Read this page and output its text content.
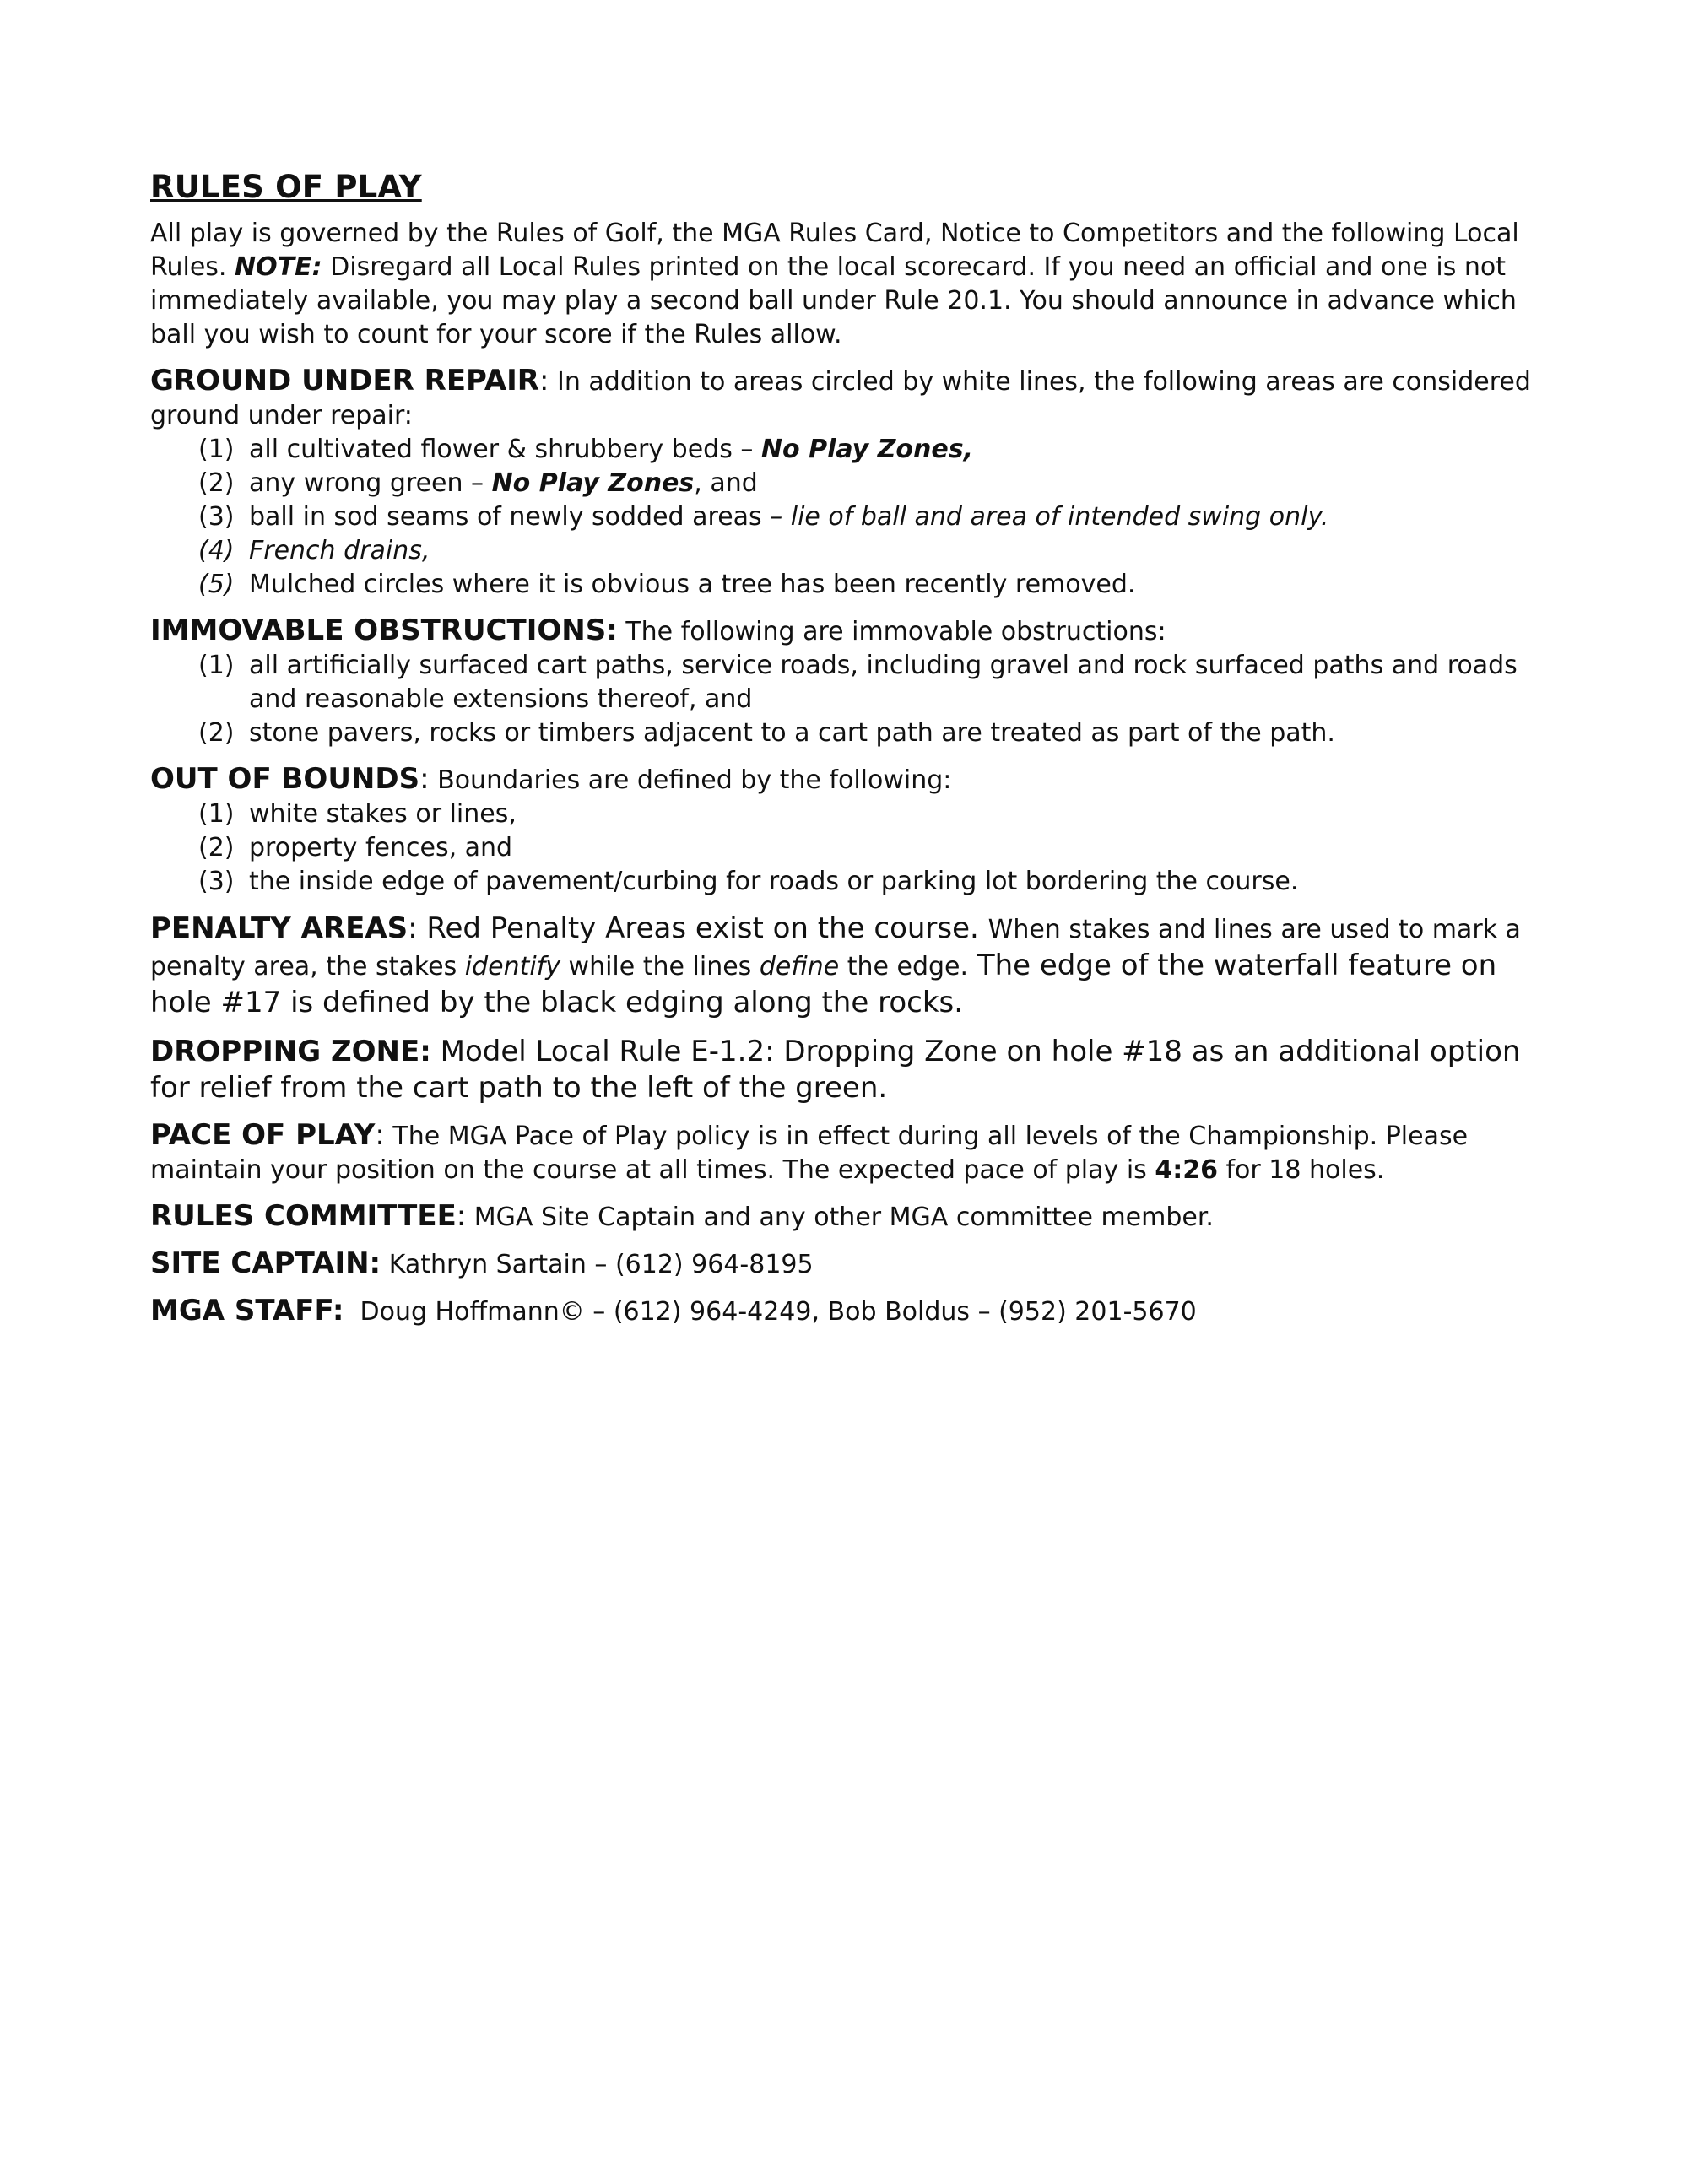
RULES OF PLAY

All play is governed by the Rules of Golf, the MGA Rules Card, Notice to Competitors and the following Local Rules. NOTE: Disregard all Local Rules printed on the local scorecard. If you need an official and one is not immediately available, you may play a second ball under Rule 20.1. You should announce in advance which ball you wish to count for your score if the Rules allow.

GROUND UNDER REPAIR: In addition to areas circled by white lines, the following areas are considered ground under repair:

(1) all cultivated flower & shrubbery beds – No Play Zones,
(2) any wrong green – No Play Zones, and
(3) ball in sod seams of newly sodded areas – lie of ball and area of intended swing only.
(4) French drains,
(5) Mulched circles where it is obvious a tree has been recently removed.

IMMOVABLE OBSTRUCTIONS: The following are immovable obstructions:

(1) all artificially surfaced cart paths, service roads, including gravel and rock surfaced paths and roads and reasonable extensions thereof, and
(2) stone pavers, rocks or timbers adjacent to a cart path are treated as part of the path.

OUT OF BOUNDS: Boundaries are defined by the following:

(1) white stakes or lines,
(2) property fences, and
(3) the inside edge of pavement/curbing for roads or parking lot bordering the course.

PENALTY AREAS: Red Penalty Areas exist on the course. When stakes and lines are used to mark a penalty area, the stakes identify while the lines define the edge. The edge of the waterfall feature on hole #17 is defined by the black edging along the rocks.

DROPPING ZONE: Model Local Rule E-1.2: Dropping Zone on hole #18 as an additional option for relief from the cart path to the left of the green.

PACE OF PLAY: The MGA Pace of Play policy is in effect during all levels of the Championship. Please maintain your position on the course at all times. The expected pace of play is 4:26 for 18 holes.

RULES COMMITTEE: MGA Site Captain and any other MGA committee member.

SITE CAPTAIN: Kathryn Sartain – (612) 964-8195

MGA STAFF:  Doug Hoffmann© – (612) 964-4249, Bob Boldus – (952) 201-5670
